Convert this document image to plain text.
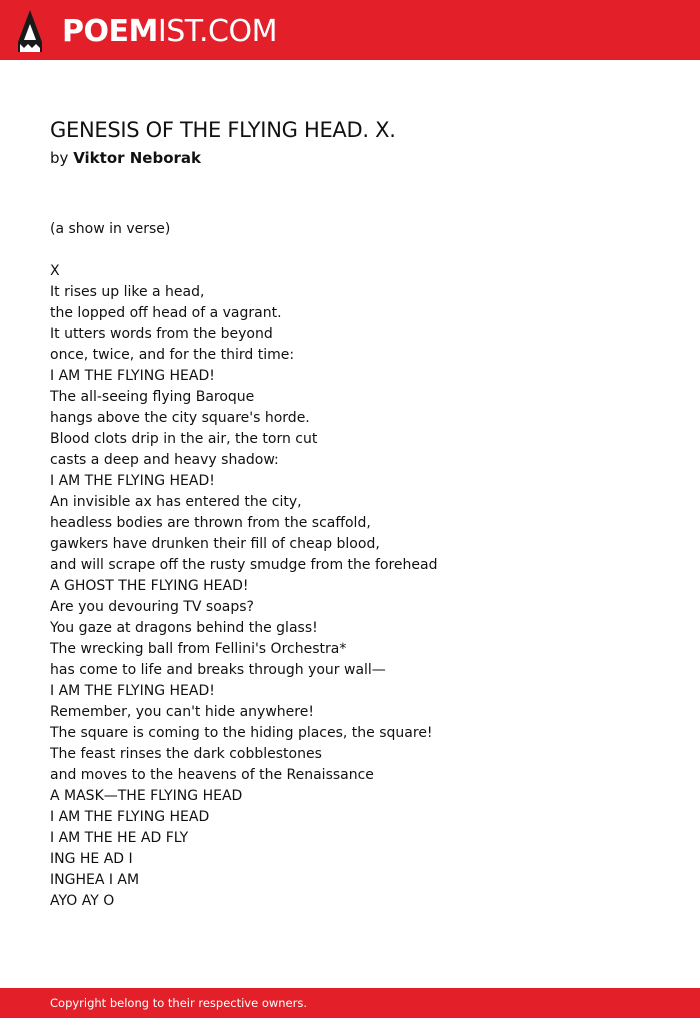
POEMIST.COM
GENESIS OF THE FLYING HEAD. X.
by Viktor Neborak
(a show in verse)
X
It rises up like a head,
the lopped off head of a vagrant.
It utters words from the beyond
once, twice, and for the third time:
I AM THE FLYING HEAD!
The all-seeing flying Baroque
hangs above the city square's horde.
Blood clots drip in the air, the torn cut
casts a deep and heavy shadow:
I AM THE FLYING HEAD!
An invisible ax has entered the city,
headless bodies are thrown from the scaffold,
gawkers have drunken their fill of cheap blood,
and will scrape off the rusty smudge from the forehead
A GHOST THE FLYING HEAD!
Are you devouring TV soaps?
You gaze at dragons behind the glass!
The wrecking ball from Fellini's Orchestra*
has come to life and breaks through your wall—
I AM THE FLYING HEAD!
Remember, you can't hide anywhere!
The square is coming to the hiding places, the square!
The feast rinses the dark cobblestones
and moves to the heavens of the Renaissance
A MASK—THE FLYING HEAD
I AM THE FLYING HEAD
I AM THE HE AD FLY
ING HE AD I
INGHEA I AM
AYO AY O
Copyright belong to their respective owners.
